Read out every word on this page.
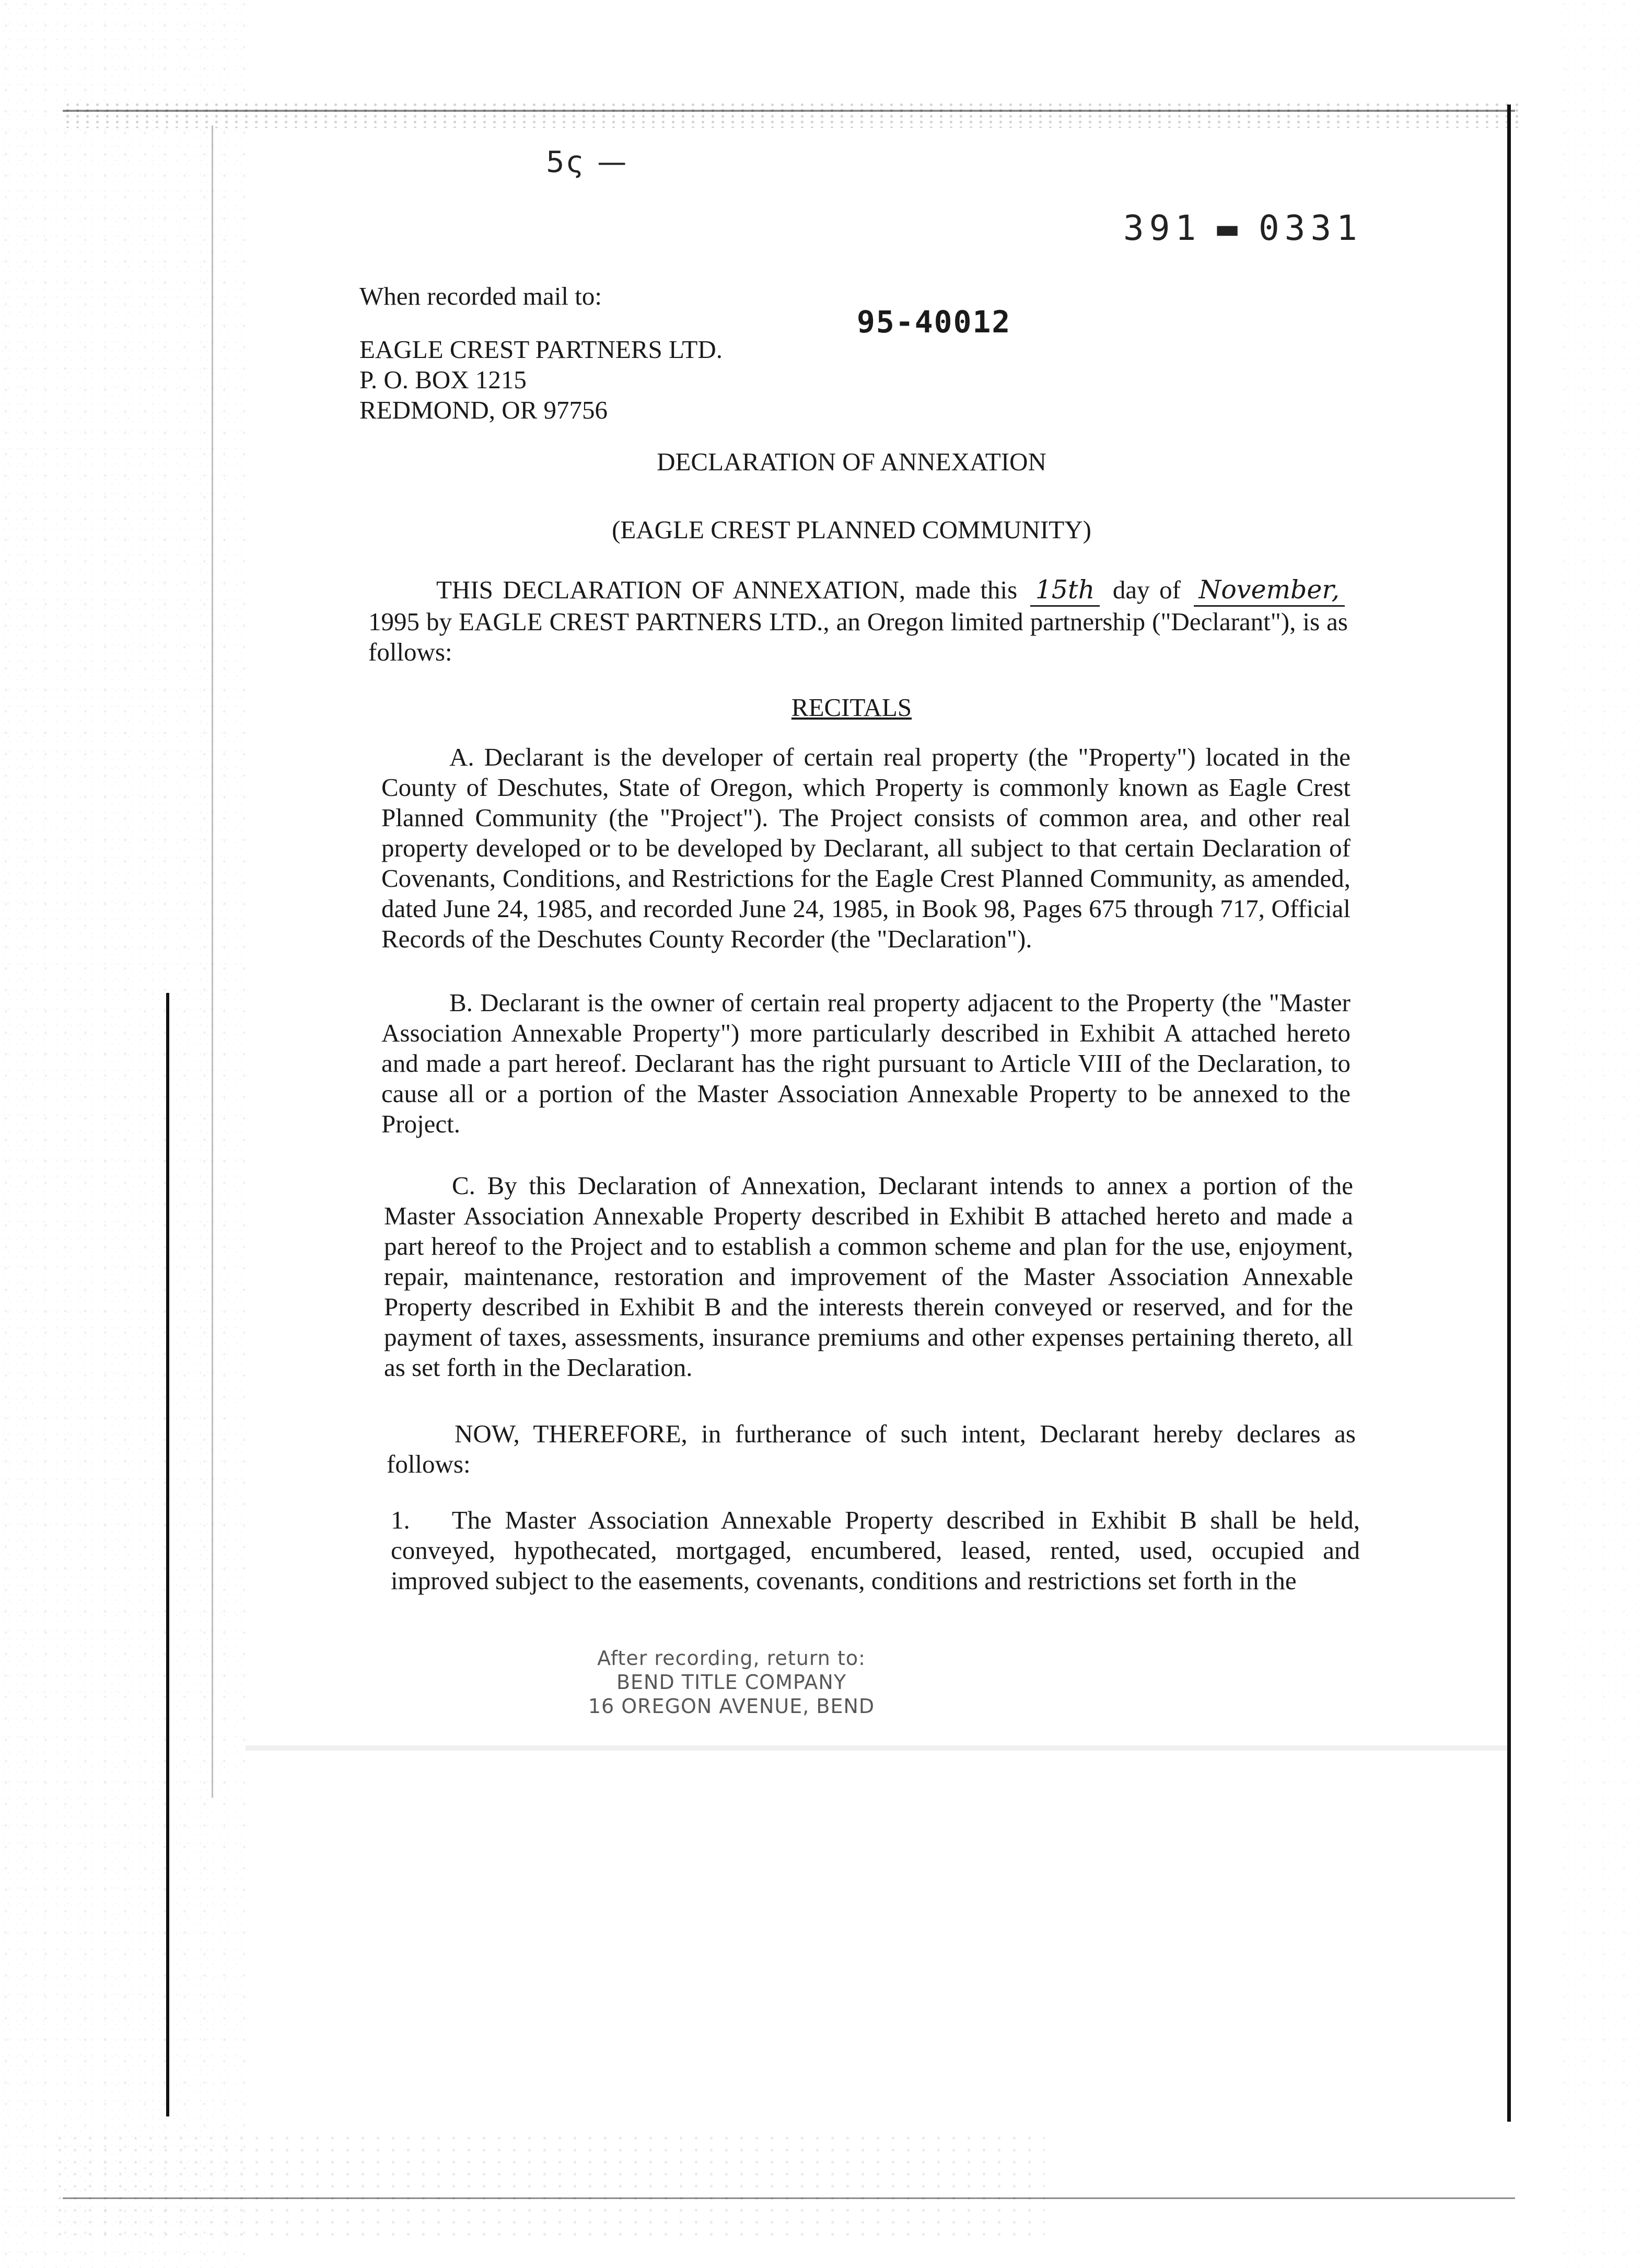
5ς —
391 ▬ 0331
95-40012
When recorded mail to:
EAGLE CREST PARTNERS LTD.
P. O. BOX 1215
REDMOND, OR 97756
DECLARATION OF ANNEXATION
(EAGLE CREST PLANNED COMMUNITY)
THIS DECLARATION OF ANNEXATION, made this 15th day of November, 1995 by EAGLE CREST PARTNERS LTD., an Oregon limited partnership ("Declarant"), is as follows:
RECITALS
A. Declarant is the developer of certain real property (the "Property") located in the County of Deschutes, State of Oregon, which Property is commonly known as Eagle Crest Planned Community (the "Project"). The Project consists of common area, and other real property developed or to be developed by Declarant, all subject to that certain Declaration of Covenants, Conditions, and Restrictions for the Eagle Crest Planned Community, as amended, dated June 24, 1985, and recorded June 24, 1985, in Book 98, Pages 675 through 717, Official Records of the Deschutes County Recorder (the "Declaration").
B. Declarant is the owner of certain real property adjacent to the Property (the "Master Association Annexable Property") more particularly described in Exhibit A attached hereto and made a part hereof. Declarant has the right pursuant to Article VIII of the Declaration, to cause all or a portion of the Master Association Annexable Property to be annexed to the Project.
C. By this Declaration of Annexation, Declarant intends to annex a portion of the Master Association Annexable Property described in Exhibit B attached hereto and made a part hereof to the Project and to establish a common scheme and plan for the use, enjoyment, repair, maintenance, restoration and improvement of the Master Association Annexable Property described in Exhibit B and the interests therein conveyed or reserved, and for the payment of taxes, assessments, insurance premiums and other expenses pertaining thereto, all as set forth in the Declaration.
NOW, THEREFORE, in furtherance of such intent, Declarant hereby declares as follows:
1. The Master Association Annexable Property described in Exhibit B shall be held, conveyed, hypothecated, mortgaged, encumbered, leased, rented, used, occupied and improved subject to the easements, covenants, conditions and restrictions set forth in the
After recording, return to:
BEND TITLE COMPANY
16 OREGON AVENUE, BEND
